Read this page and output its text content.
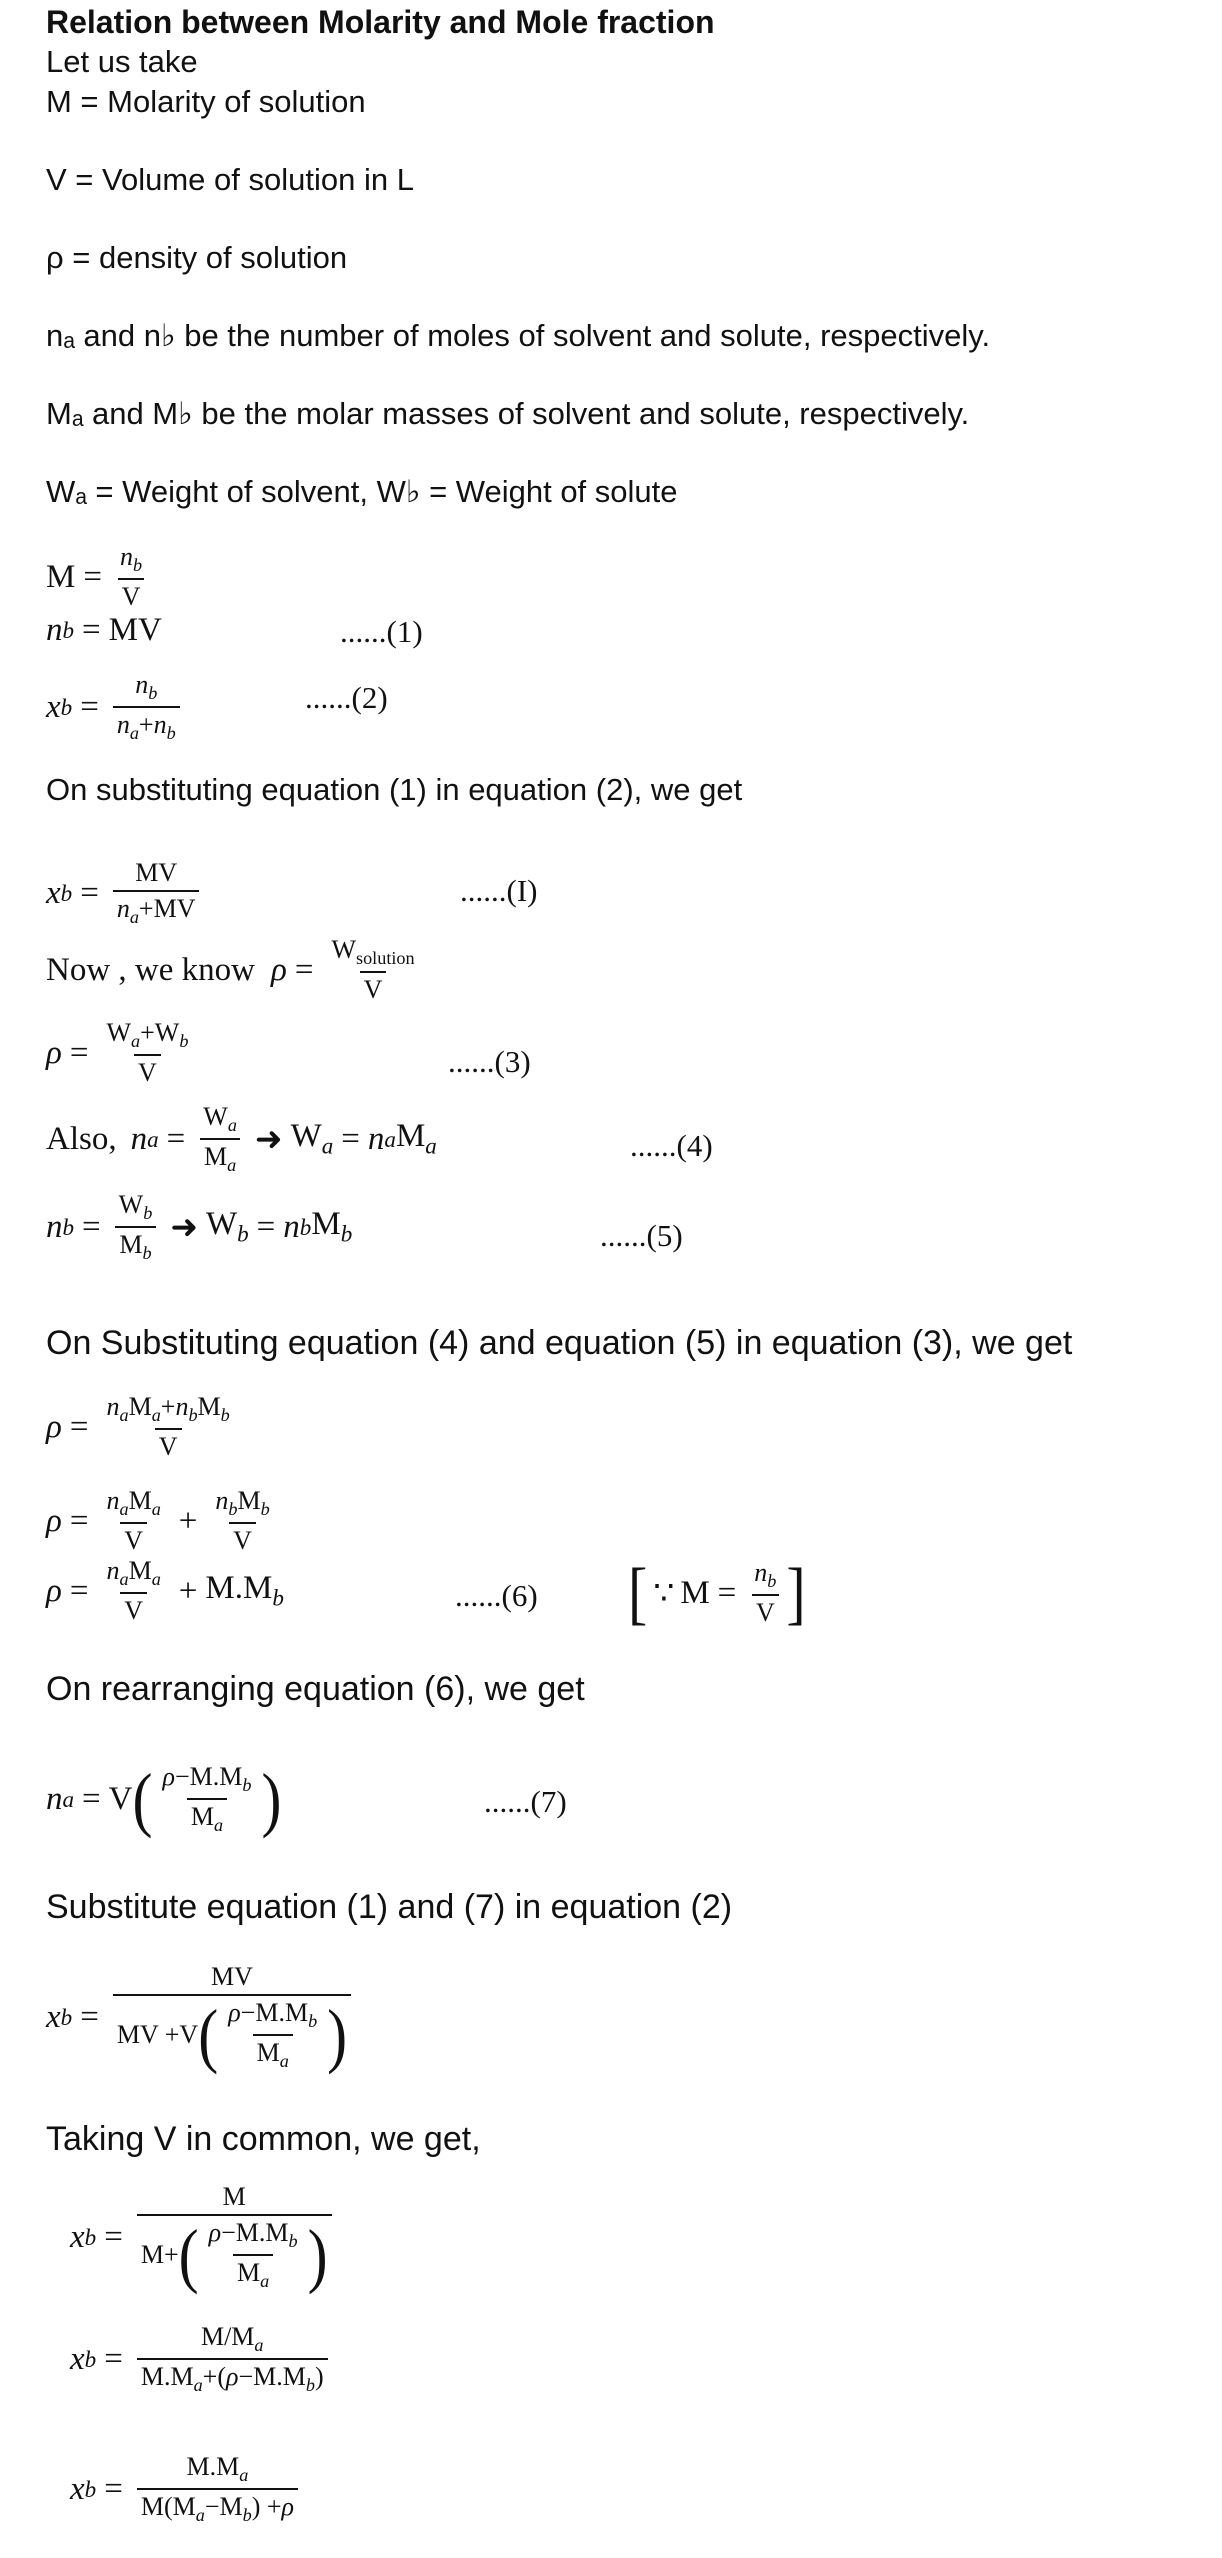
Relation between Molarity and Mole fraction
Let us take
M = Molarity of solution
V = Volume of solution in L
ρ = density of solution
nₐ and n♭ be the number of moles of solvent and solute, respectively.
Mₐ and M♭ be the molar masses of solvent and solute, respectively.
Wₐ = Weight of solvent, W♭ = Weight of solute
$M = \frac{n_b}{V}$
n b = MV	......(1)
x $b = \frac{n_b}{n_a+n_b}$	......(2)
On substituting equation (1) in equation (2), we get
x $b = \frac{MV}{n_a+MV}$	......(I)
Now , we know $\rho = \frac{W_{solution}}{V}$
$\rho = \frac{W_a+W_b}{V}$	......(3)
Also, n $a = \frac{W_a}{M_a}$ ➜ $W_a = n$ a $M_a$	......(4)
n $b = \frac{W_b}{M_b}$ ➜ $W_b = n$ b $M_b$	......(5)
On Substituting equation (4) and equation (5) in equation (3), we get
$\rho = \frac{n_aM_a+n_bM_b}{V}$
$\rho = \frac{n_aM_a}{V} + \frac{n_bM_b}{V}$
$\rho = \frac{n_aM_a}{V} + M.M_b$	......(6) [ ∵ $M = \frac{n_b}{V}$ ]
On rearranging equation (6), we get
n a = V ( $\frac{\rho-M.M_b}{M_a}$ )	......(7)
Substitute equation (1) and (7) in equation (2)
x $b = \frac{MV}{MV +V ( \frac{\rho-M.M_b}{M_a} )}$
Taking V in common, we get,
x $b = \frac{M}{M+ ( \frac{\rho-M.M_b}{M_a} )}$
x $b = \frac{M/M_a}{M.M_a+(\rho-M.M_b)}$
x $b = \frac{M.M_a}{M(M_a-M_b) +\rho}$
